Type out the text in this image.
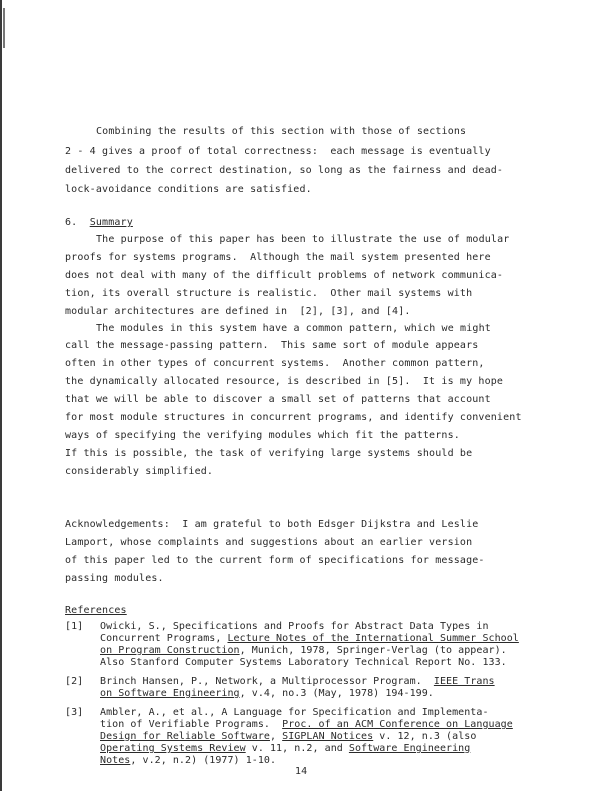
Combining the results of this section with those of sections
2 - 4 gives a proof of total correctness:  each message is eventually
delivered to the correct destination, so long as the fairness and dead-
lock-avoidance conditions are satisfied.
6. Summary
The purpose of this paper has been to illustrate the use of modular
proofs for systems programs.  Although the mail system presented here
does not deal with many of the difficult problems of network communica-
tion, its overall structure is realistic.  Other mail systems with
modular architectures are defined in  [2], [3], and [4].
The modules in this system have a common pattern, which we might
call the message-passing pattern.  This same sort of module appears
often in other types of concurrent systems.  Another common pattern,
the dynamically allocated resource, is described in [5].  It is my hope
that we will be able to discover a small set of patterns that account
for most module structures in concurrent programs, and identify convenient
ways of specifying the verifying modules which fit the patterns.
If this is possible, the task of verifying large systems should be
considerably simplified.
Acknowledgements:  I am grateful to both Edsger Dijkstra and Leslie
Lamport, whose complaints and suggestions about an earlier version
of this paper led to the current form of specifications for message-
passing modules.
References
[1] Owicki, S., Specifications and Proofs for Abstract Data Types in
Concurrent Programs, Lecture Notes of the International Summer School
on Program Construction, Munich, 1978, Springer-Verlag (to appear).
Also Stanford Computer Systems Laboratory Technical Report No. 133.
[2] Brinch Hansen, P., Network, a Multiprocessor Program.  IEEE Trans
on Software Engineering, v.4, no.3 (May, 1978) 194-199.
[3] Ambler, A., et al., A Language for Specification and Implementa-
tion of Verifiable Programs.  Proc. of an ACM Conference on Language
Design for Reliable Software, SIGPLAN Notices v. 12, n.3 (also
Operating Systems Review v. 11, n.2, and Software Engineering
Notes, v.2, n.2) (1977) 1-10.
14
